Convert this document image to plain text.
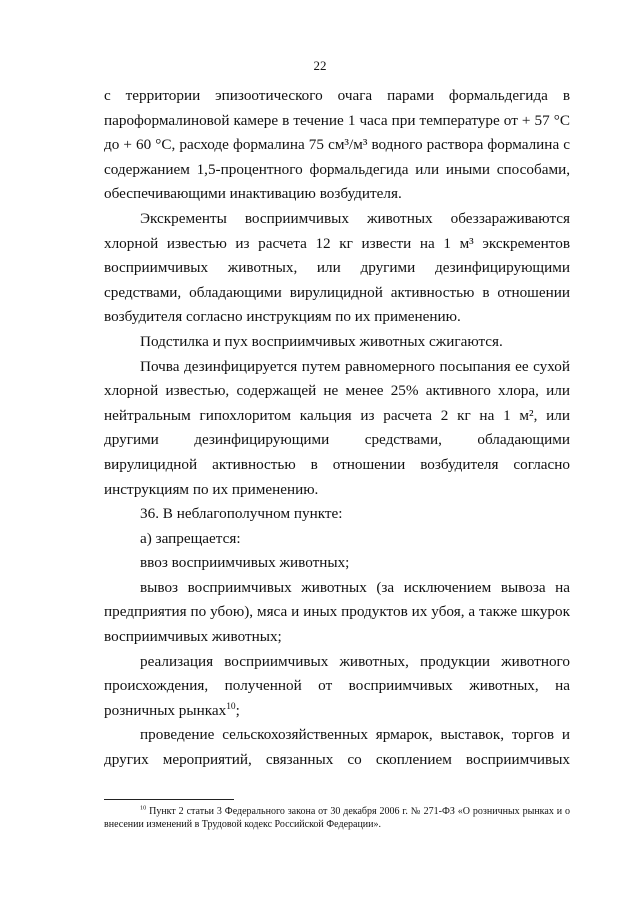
22

с территории эпизоотического очага парами формальдегида в пароформалиновой камере в течение 1 часа при температуре от + 57 °С до + 60 °С, расходе формалина 75 см³/м³ водного раствора формалина с содержанием 1,5-процентного формальдегида или иными способами, обеспечивающими инактивацию возбудителя.

Экскременты восприимчивых животных обеззараживаются хлорной известью из расчета 12 кг извести на 1 м³ экскрементов восприимчивых животных, или другими дезинфицирующими средствами, обладающими вирулицидной активностью в отношении возбудителя согласно инструкциям по их применению.

Подстилка и пух восприимчивых животных сжигаются.

Почва дезинфицируется путем равномерного посыпания ее сухой хлорной известью, содержащей не менее 25% активного хлора, или нейтральным гипохлоритом кальция из расчета 2 кг на 1 м², или другими дезинфицирующими средствами, обладающими вирулицидной активностью в отношении возбудителя согласно инструкциям по их применению.

36. В неблагополучном пункте:

а) запрещается:

ввоз восприимчивых животных;

вывоз восприимчивых животных (за исключением вывоза на предприятия по убою), мяса и иных продуктов их убоя, а также шкурок восприимчивых животных;

реализация восприимчивых животных, продукции животного происхождения, полученной от восприимчивых животных, на розничных рынках$^{10}$;

проведение сельскохозяйственных ярмарок, выставок, торгов и других мероприятий, связанных со скоплением восприимчивых

$^{10}$ Пункт 2 статьи 3 Федерального закона от 30 декабря 2006 г. № 271-ФЗ «О розничных рынках и о внесении изменений в Трудовой кодекс Российской Федерации».
